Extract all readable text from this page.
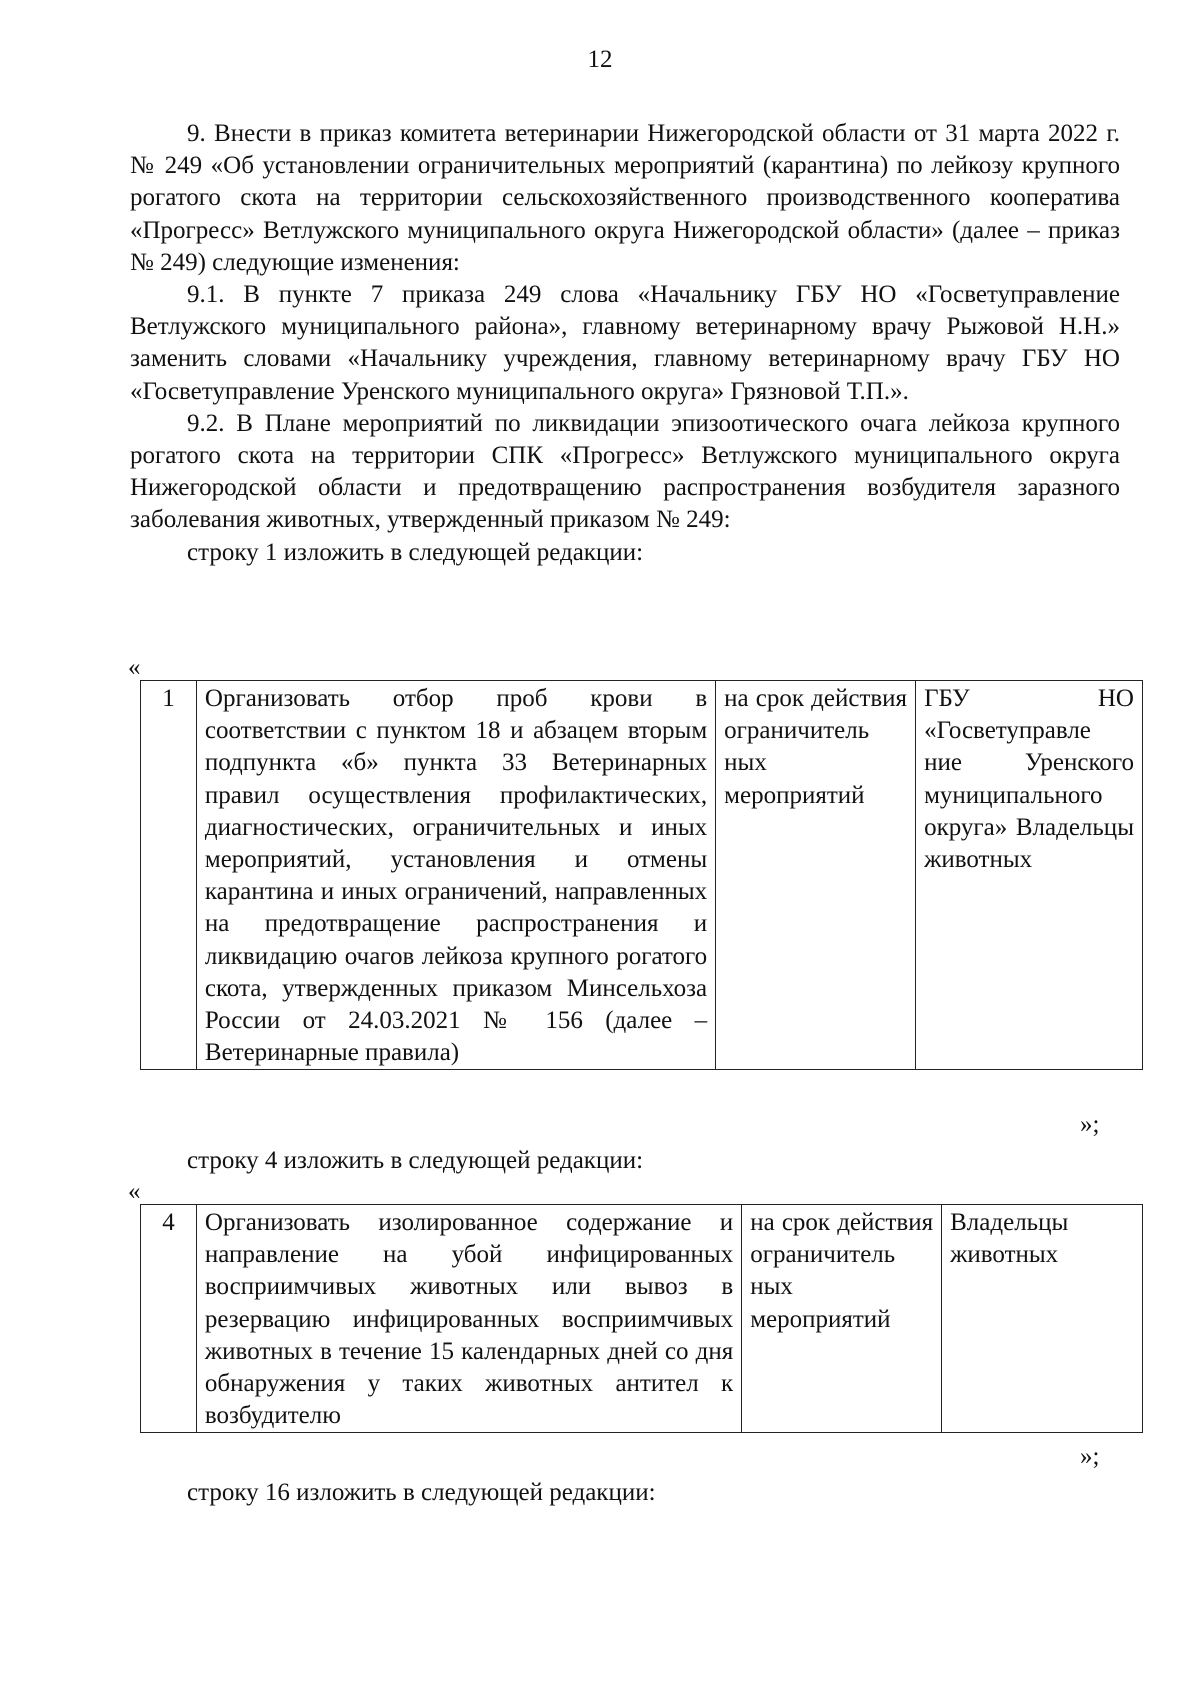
12

9. Внести в приказ комитета ветеринарии Нижегородской области от 31 марта 2022 г. № 249 «Об установлении ограничительных мероприятий (карантина) по лейкозу крупного рогатого скота на территории сельскохозяйственного производственного кооператива «Прогресс» Ветлужского муниципального округа Нижегородской области» (далее – приказ № 249) следующие изменения:

9.1. В пункте 7 приказа 249 слова «Начальнику ГБУ НО «Госветуправление Ветлужского муниципального района», главному ветеринарному врачу Рыжовой Н.Н.» заменить словами «Начальнику учреждения, главному ветеринарному врачу ГБУ НО «Госветуправление Уренского муниципального округа» Грязновой Т.П.».

9.2. В Плане мероприятий по ликвидации эпизоотического очага лейкоза крупного рогатого скота на территории СПК «Прогресс» Ветлужского муниципального округа Нижегородской области и предотвращению распространения возбудителя заразного заболевания животных, утвержденный приказом № 249:

строку 1 изложить в следующей редакции:

«
1	Организовать отбор проб крови в соответствии с пунктом 18 и абзацем вторым подпункта «б» пункта 33 Ветеринарных правил осуществления профилактических, диагностических, ограничительных и иных мероприятий, установления и отмены карантина и иных ограничений, направленных на предотвращение распространения и ликвидацию очагов лейкоза крупного рогатого скота, утвержденных приказом Минсельхоза России от 24.03.2021 № 156 (далее – Ветеринарные правила)	на срок действия ограничитель ных мероприятий	ГБУ НО «Госветуправле ние Уренского муниципального округа» Владельцы животных
»;

строку 4 изложить в следующей редакции:

«
4	Организовать изолированное содержание и направление на убой инфицированных восприимчивых животных или вывоз в резервацию инфицированных восприимчивых животных в течение 15 календарных дней со дня обнаружения у таких животных антител к возбудителю	на срок действия ограничитель ных мероприятий	Владельцы животных
»;

строку 16 изложить в следующей редакции:
